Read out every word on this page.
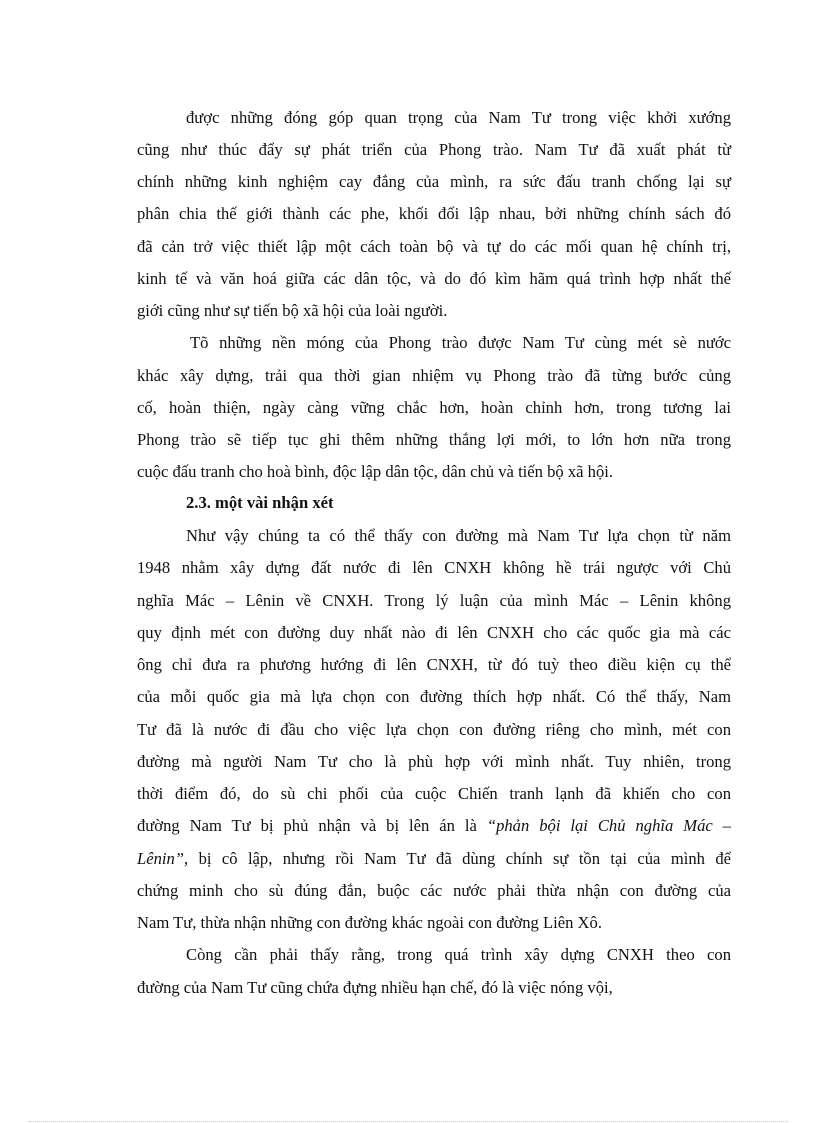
được những đóng góp quan trọng của Nam Tư trong việc khởi xướng
cũng như thúc đẩy sự phát triển của Phong trào. Nam Tư đã xuất phát từ
chính những kinh nghiệm cay đắng của mình, ra sức đấu tranh chống lại sự
phân chia thế giới thành các phe, khối đối lập nhau, bởi những chính sách đó
đã cản trở việc thiết lập một cách toàn bộ và tự do các mối quan hệ chính trị,
kinh tế và văn hoá giữa các dân tộc, và do đó kìm hãm quá trình hợp nhất thế
giới cũng như sự tiến bộ xã hội của loài người.
Tõ những nền móng của Phong trào được Nam Tư cùng mét sè nước
khác xây dựng, trải qua thời gian nhiệm vụ Phong trào đã từng bước củng
cố, hoàn thiện, ngày càng vững chắc hơn, hoàn chỉnh hơn, trong tương lai
Phong trào sẽ tiếp tục ghi thêm những thắng lợi mới, to lớn hơn nữa trong
cuộc đấu tranh cho hoà bình, độc lập dân tộc, dân chủ và tiến bộ xã hội.
2.3. một vài nhận xét
Như vậy chúng ta có thể thấy con đường mà Nam Tư lựa chọn từ năm
1948 nhằm xây dựng đất nước đi lên CNXH không hề trái ngược với Chủ
nghĩa Mác – Lênin về CNXH. Trong lý luận của mình Mác – Lênin không
quy định mét con đường duy nhất nào đi lên CNXH cho các quốc gia mà các
ông chỉ đưa ra phương hướng đi lên CNXH, từ đó tuỳ theo điều kiện cụ thể
của mỗi quốc gia mà lựa chọn con đường thích hợp nhất. Có thể thấy, Nam
Tư đã là nước đi đầu cho việc lựa chọn con đường riêng cho mình, mét con
đường mà người Nam Tư cho là phù hợp với mình nhất. Tuy nhiên, trong
thời điểm đó, do sù chi phối của cuộc Chiến tranh lạnh đã khiến cho con
đường Nam Tư bị phủ nhận và bị lên án là “phản bội lại Chủ nghĩa Mác –
Lênin”, bị cô lập, nhưng rồi Nam Tư đã dùng chính sự tồn tại của mình để
chứng minh cho sù đúng đắn, buộc các nước phải thừa nhận con đường của
Nam Tư, thừa nhận những con đường khác ngoài con đường Liên Xô.
Còng cần phải thấy rằng, trong quá trình xây dựng CNXH theo con
đường của Nam Tư cũng chứa đựng nhiều hạn chế, đó là việc nóng vội,
